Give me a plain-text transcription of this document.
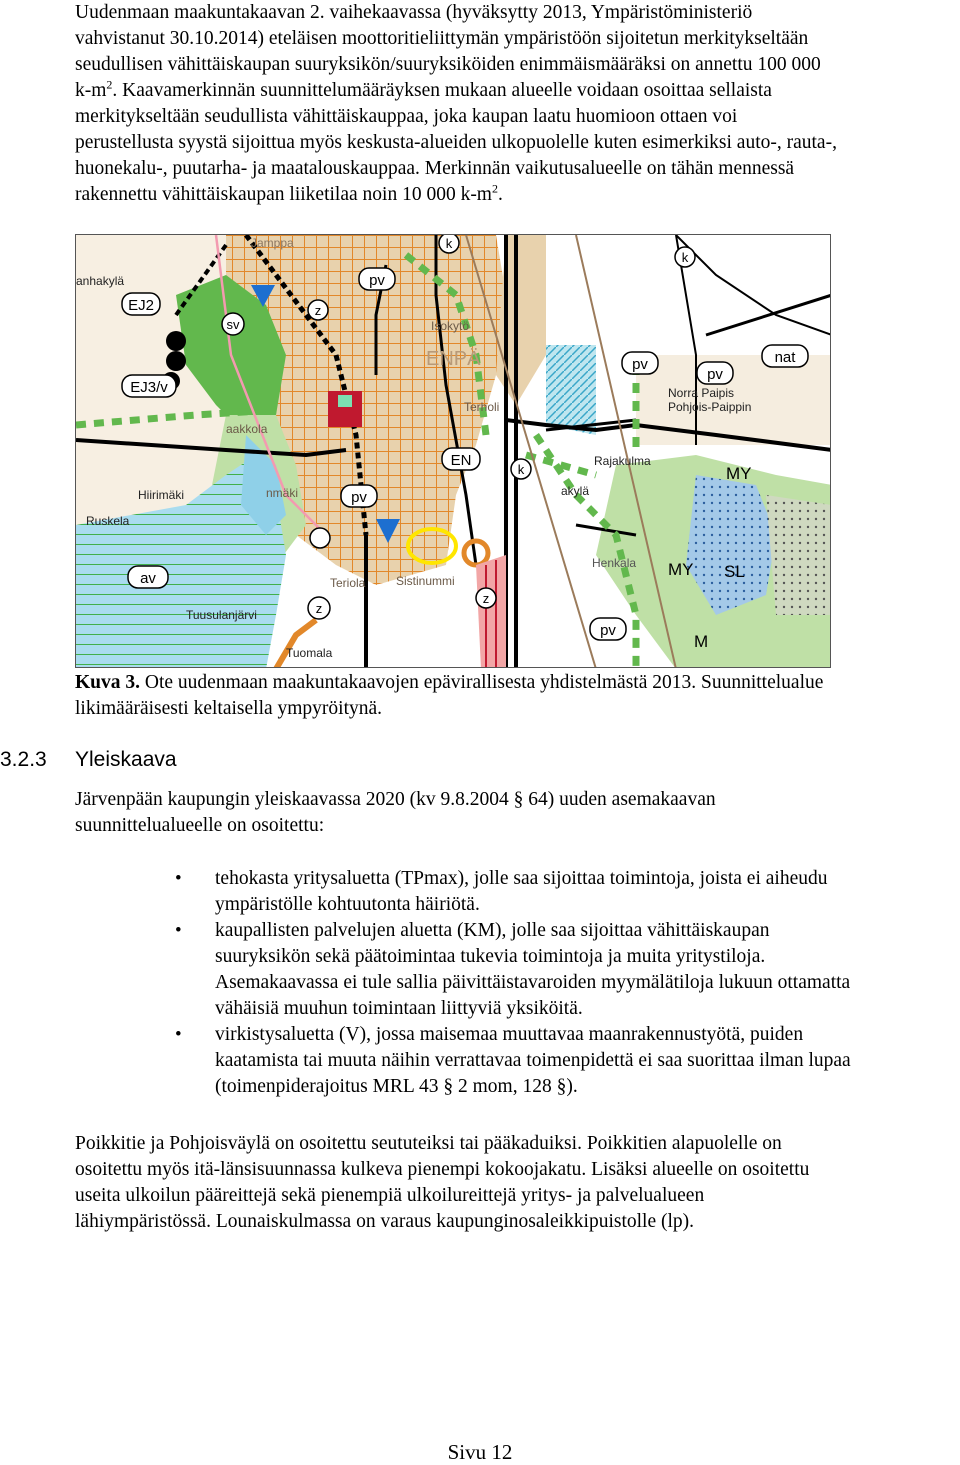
Uudenmaan maakuntakaavan 2. vaihekaavassa (hyväksytty 2013, Ympäristöministeriö
vahvistanut 30.10.2014) eteläisen moottoritieliittymän ympäristöön sijoitetun merkitykseltään
seudullisen vähittäiskaupan suuryksikön/suuryksiköiden enimmäismääräksi on annettu 100 000
$k-m^2$. Kaavamerkinnän suunnittelumääräyksen mukaan alueelle voidaan osoittaa sellaista
merkitykseltään seudullista vähittäiskauppaa, joka kaupan laatu huomioon ottaen voi
perustellusta syystä sijoittua myös keskusta-alueiden ulkopuolelle kuten esimerkiksi auto-, rauta-,
huonekalu-, puutarha- ja maatalouskauppaa. Merkinnän vaikutusalueelle on tähän mennessä
rakennettu vähittäiskaupan liiketilaa noin 10 000 $k-m^2$.
EJ2
EJ3/v
sv
av
z
z
pv
k
k
pv
pv
nat
EN
k
pv
z
pv
MY
MY SL
M
anhakylä
Hiirimäki
Ruskela
Tuusulanjärvi
Tuomala
Isokytö
ENPÄ
Terholi
Rajakulma
akylä
Henkala
Norra Paipis
Pohjois-Paippin
Jamppa
aakkola
Teriola	Sistinummi
nmäki
Kuva 3. Ote uudenmaan maakuntakaavojen epävirallisesta yhdistelmästä 2013. Suunnittelualue
likimääräisesti keltaisella ympyröitynä.
3.2.3 Yleiskaava
Järvenpään kaupungin yleiskaavassa 2020 (kv 9.8.2004 § 64) uuden asemakaavan
suunnittelualueelle on osoitettu:
• tehokasta yritysaluetta (TPmax), jolle saa sijoittaa toimintoja, joista ei aiheudu
ympäristölle kohtuutonta häiriötä.
• kaupallisten palvelujen aluetta (KM), jolle saa sijoittaa vähittäiskaupan
suuryksikön sekä päätoimintaa tukevia toimintoja ja muita yritystiloja.
Asemakaavassa ei tule sallia päivittäistavaroiden myymälätiloja lukuun ottamatta
vähäisiä muuhun toimintaan liittyviä yksiköitä.
• virkistysaluetta (V), jossa maisemaa muuttavaa maanrakennustyötä, puiden
kaatamista tai muuta näihin verrattavaa toimenpidettä ei saa suorittaa ilman lupaa
(toimenpiderajoitus MRL 43 § 2 mom, 128 §).
Poikkitie ja Pohjoisväylä on osoitettu seututeiksi tai pääkaduiksi. Poikkitien alapuolelle on
osoitettu myös itä-länsisuunnassa kulkeva pienempi kokoojakatu. Lisäksi alueelle on osoitettu
useita ulkoilun pääreittejä sekä pienempiä ulkoilureittejä yritys- ja palvelualueen
lähiympäristössä. Lounaiskulmassa on varaus kaupunginosaleikkipuistolle (lp).
Sivu 12
